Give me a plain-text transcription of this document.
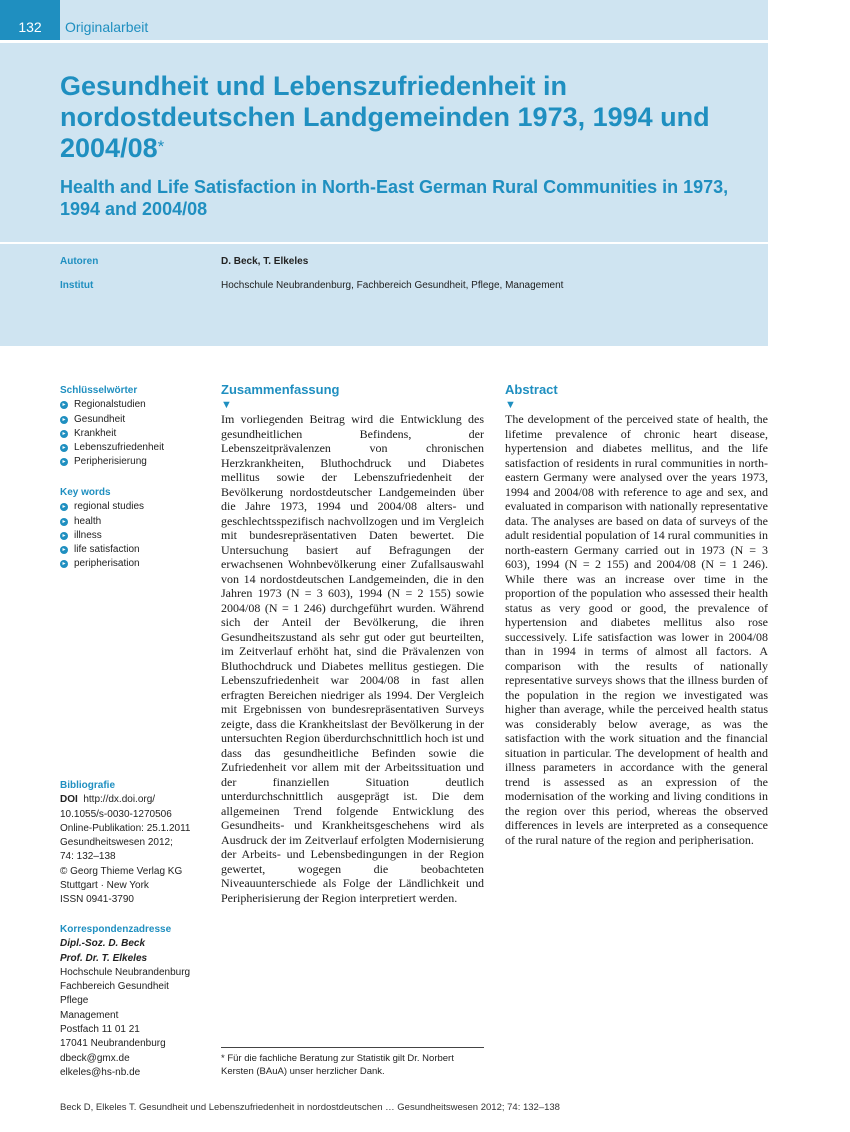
132	Originalarbeit
Gesundheit und Lebenszufriedenheit in nordostdeutschen Landgemeinden 1973, 1994 und 2004/08*
Health and Life Satisfaction in North-East German Rural Communities in 1973, 1994 and 2004/08
Autoren	D. Beck, T. Elkeles
Institut	Hochschule Neubrandenburg, Fachbereich Gesundheit, Pflege, Management
Schlüsselwörter
▸ Regionalstudien
▸ Gesundheit
▸ Krankheit
▸ Lebenszufriedenheit
▸ Peripherisierung
Key words
▸ regional studies
▸ health
▸ illness
▸ life satisfaction
▸ peripherisation
Bibliografie
DOI http://dx.doi.org/
10.1055/s-0030-1270506
Online-Publikation: 25.1.2011
Gesundheitswesen 2012;
74: 132–138
© Georg Thieme Verlag KG
Stuttgart · New York
ISSN 0941-3790
Korrespondenzadresse
Dipl.-Soz. D. Beck
Prof. Dr. T. Elkeles
Hochschule Neubrandenburg
Fachbereich Gesundheit
Pflege
Management
Postfach 11 01 21
17041 Neubrandenburg
dbeck@gmx.de
elkeles@hs-nb.de
Zusammenfassung
▼

Im vorliegenden Beitrag wird die Entwicklung des gesundheitlichen Befindens, der Lebenszeitprävalenzen von chronischen Herzkrankheiten, Bluthochdruck und Diabetes mellitus sowie der Lebenszufriedenheit der Bevölkerung nordostdeutscher Landgemeinden über die Jahre 1973, 1994 und 2004/08 alters- und geschlechtsspezifisch nachvollzogen und im Vergleich mit bundesrepräsentativen Daten bewertet. Die Untersuchung basiert auf Befragungen der erwachsenen Wohnbevölkerung einer Zufallsauswahl von 14 nordostdeutschen Landgemeinden, die in den Jahren 1973 (N = 3 603), 1994 (N = 2 155) sowie 2004/08 (N = 1 246) durchgeführt wurden. Während sich der Anteil der Bevölkerung, die ihren Gesundheitszustand als sehr gut oder gut beurteilten, im Zeitverlauf erhöht hat, sind die Prävalenzen von Bluthochdruck und Diabetes mellitus gestiegen. Die Lebenszufriedenheit war 2004/08 in fast allen erfragten Bereichen niedriger als 1994. Der Vergleich mit Ergebnissen von bundesrepräsentativen Surveys zeigte, dass die Krankheitslast der Bevölkerung in der untersuchten Region überdurchschnittlich hoch ist und dass das gesundheitliche Befinden sowie die Zufriedenheit vor allem mit der Arbeitssituation und der finanziellen Situation deutlich unterdurchschnittlich ausgeprägt ist. Die dem allgemeinen Trend folgende Entwicklung des Gesundheits- und Krankheitsgeschehens wird als Ausdruck der im Zeitverlauf erfolgten Modernisierung der Arbeits- und Lebensbedingungen in der Region gewertet, wogegen die beobachteten Niveauunterschiede als Folge der Ländlichkeit und Peripherisierung der Region interpretiert werden.

Abstract
▼

The development of the perceived state of health, the lifetime prevalence of chronic heart disease, hypertension and diabetes mellitus, and the life satisfaction of residents in rural communities in north-eastern Germany were analysed over the years 1973, 1994 and 2004/08 with reference to age and sex, and evaluated in comparison with nationally representative data. The analyses are based on data of surveys of the adult residential population of 14 rural communities in north-eastern Germany carried out in 1973 (N = 3 603), 1994 (N = 2 155) and 2004/08 (N = 1 246). While there was an increase over time in the proportion of the population who assessed their health status as very good or good, the prevalence of hypertension and diabetes mellitus also rose successively. Life satisfaction was lower in 2004/08 than in 1994 in terms of almost all factors. A comparison with the results of nationally representative surveys shows that the illness burden of the population in the region we investigated was higher than average, while the perceived health status was considerably below average, as was the satisfaction with the work situation and the financial situation in particular. The development of health and illness parameters in accordance with the general trend is assessed as an expression of the modernisation of the working and living conditions in the region over this period, whereas the observed differences in levels are interpreted as a consequence of the rural nature of the region and peripherisation.

* Für die fachliche Beratung zur Statistik gilt Dr. Norbert Kersten (BAuA) unser herzlicher Dank.
Beck D, Elkeles T. Gesundheit und Lebenszufriedenheit in nordostdeutschen … Gesundheitswesen 2012; 74: 132–138
